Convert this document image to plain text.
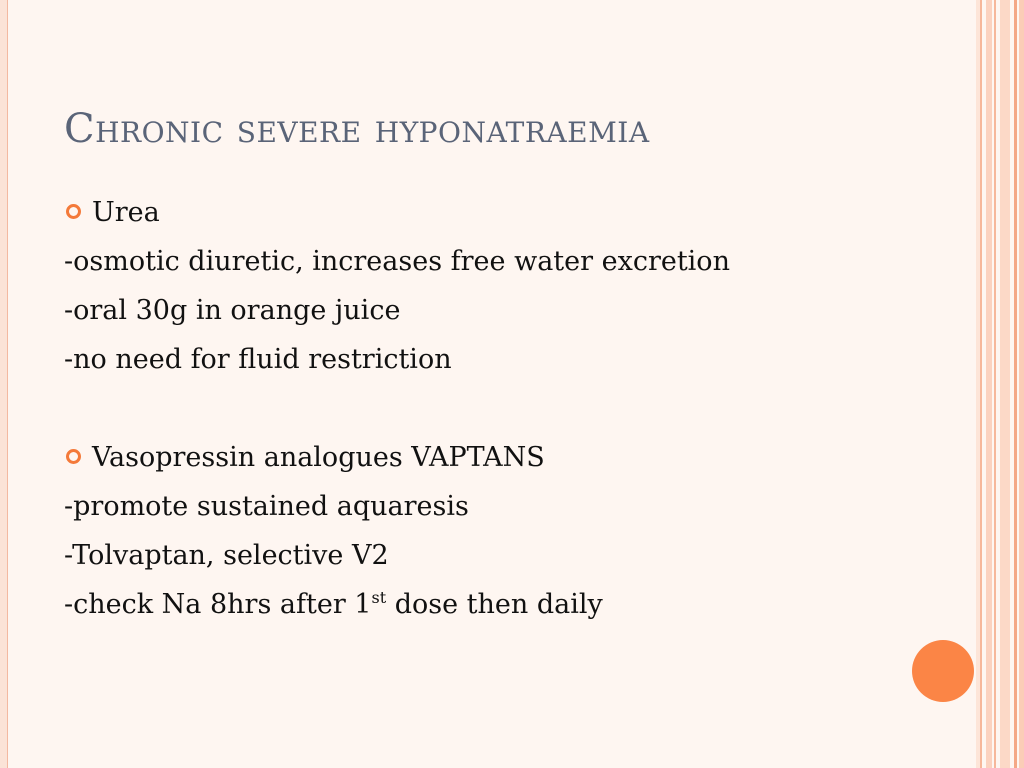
Chronic severe hyponatraemia
Urea
-osmotic diuretic, increases free water excretion
-oral 30g in orange juice
-no need for fluid restriction
Vasopressin analogues VAPTANS
-promote sustained aquaresis
-Tolvaptan, selective V2
-check Na 8hrs after 1st dose then daily
